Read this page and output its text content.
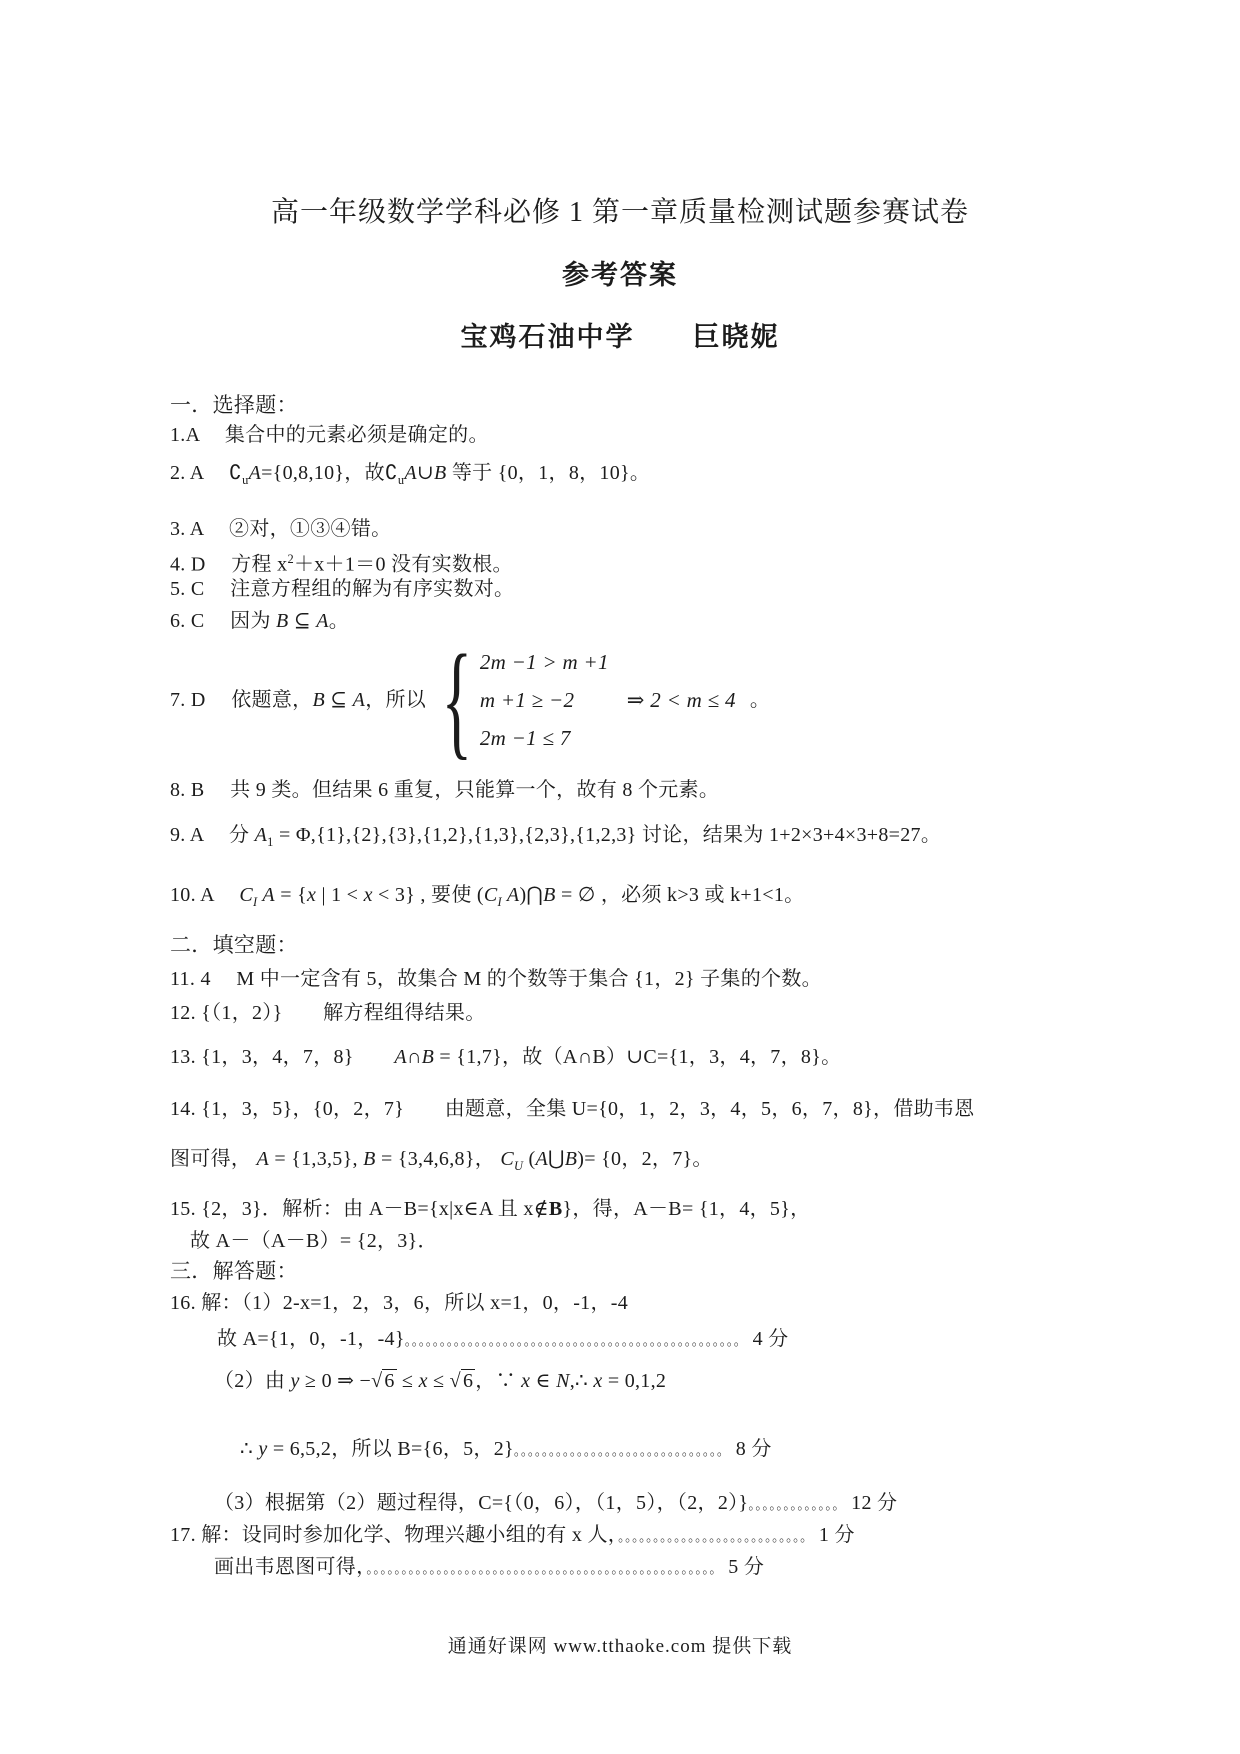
高一年级数学学科必修 1 第一章质量检测试题参赛试卷
参考答案
宝鸡石油中学　　巨晓妮
一．选择题：
1.A　 集合中的元素必须是确定的。
2. A　 $∁_uA=\{0,8,10\}$，故$∁_uA\cup B$ 等于 {0，1，8，10}。
3. A　 ②对，①③④错。
4. D　 方程 $x^2+x+1=0$ 没有实数根。
5. C　 注意方程组的解为有序实数对。
6. C　 因为 B ⊆ A。
7. D　 依题意， B ⊆ A，所以 { 2m −1 > m +1
m +1 ≥ −2
2m −1 ≤ 7
⇒ 2 < m ≤ 4 。
8. B　 共 9 类。但结果 6 重复，只能算一个，故有 8 个元素。
9. A　 分 $A_1 = \Phi,\{1\},\{2\},\{3\},\{1,2\},\{1,3\},\{2,3\},\{1,2,3\}$ 讨论，结果为 1+2×3+4×3+8=27。
10. A　 $C_I$ A = {x | 1 < x < 3} , 要使 ($C_I$ A)⋂B = ∅ ，必须 k>3 或 k+1<1。
二．填空题：
11. 4　 M 中一定含有 5，故集合 M 的个数等于集合 {1，2} 子集的个数。
12. {（1，2）}　　解方程组得结果。
13. {1，3，4，7，8}　　A∩B = {1,7}，故（A∩B）∪C={1，3，4，7，8}。
14. {1，3，5}，{0，2，7}　　由题意，全集 U={0，1，2，3，4，5，6，7，8}，借助韦恩
图可得， A = {1,3,5}, B = {3,4,6,8}， $C_U$ (A⋃B)= {0，2，7}。
15. {2，3}．解析：由 A－B={x|x∈A 且 x∉B}，得，A－B= {1，4，5}，
故 A－（A－B）= {2，3}．
三．解答题：
16. 解：（1）2-x=1，2，3，6，所以 x=1，0，-1，-4
故 A={1，0，-1，-4}。。。。。。。。。。。。。。。。。。。。。。。。。。。。。。。。。。。。。。。。。。。。。。。。 4 分
（2）由 y ≥ 0 ⇒ −√ 6 ≤ x ≤ √ 6 ，∵ x ∈ N,∴ x = 0,1,2
∴ y = 6,5,2，所以 B={6，5，2}。。。。。。。。。。。。。。。。。。。。。。。。。。。。。。 8 分
（3）根据第（2）题过程得，C={（0，6），（1，5），（2，2）}。。。。。。。。。。。。。 12 分
17. 解：设同时参加化学、物理兴趣小组的有 x 人，。。。。。。。。。。。。。。。。。。。。。。。。。。。 1 分
画出韦恩图可得，。。。。。。。。。。。。。。。。。。。。。。。。。。。。。。。。。。。。。。。。。。。。。。。。。。 5 分
通通好课网 www.tthaoke.com 提供下载
